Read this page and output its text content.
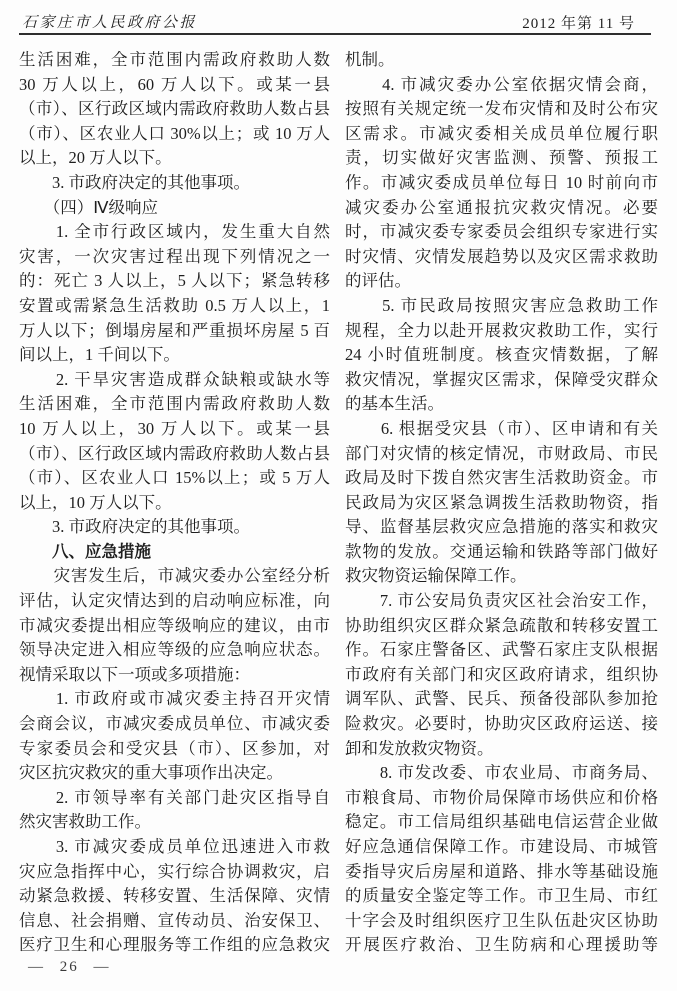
石家庄市人民政府公报	2012 年第 11 号
生活困难，全市范围内需政府救助人数
30 万人以上，60 万人以下。或某一县
（市）、区行政区域内需政府救助人数占县
（市）、区农业人口 30%以上；或 10 万人
以上，20 万人以下。
　　3. 市政府决定的其他事项。
　　（四）Ⅳ级响应
　　1. 全市行政区域内，发生重大自然
灾害，一次灾害过程出现下列情况之一
的：死亡 3 人以上，5 人以下；紧急转移
安置或需紧急生活救助 0.5 万人以上，1
万人以下；倒塌房屋和严重损坏房屋 5 百
间以上，1 千间以下。
　　2. 干旱灾害造成群众缺粮或缺水等
生活困难，全市范围内需政府救助人数
10 万人以上，30 万人以下。或某一县
（市）、区行政区域内需政府救助人数占县
（市）、区农业人口 15%以上；或 5 万人
以上，10 万人以下。
　　3. 市政府决定的其他事项。
　　八、应急措施
　　灾害发生后，市减灾委办公室经分析
评估，认定灾情达到的启动响应标准，向
市减灾委提出相应等级响应的建议，由市
领导决定进入相应等级的应急响应状态。
视情采取以下一项或多项措施：
　　1. 市政府或市减灾委主持召开灾情
会商会议，市减灾委成员单位、市减灾委
专家委员会和受灾县（市）、区参加，对
灾区抗灾救灾的重大事项作出决定。
　　2. 市领导率有关部门赴灾区指导自
然灾害救助工作。
　　3. 市减灾委成员单位迅速进入市救
灾应急指挥中心，实行综合协调救灾，启
动紧急救援、转移安置、生活保障、灾情
信息、社会捐赠、宣传动员、治安保卫、
医疗卫生和心理服务等工作组的应急救灾
机制。
　　4. 市减灾委办公室依据灾情会商，
按照有关规定统一发布灾情和及时公布灾
区需求。市减灾委相关成员单位履行职
责，切实做好灾害监测、预警、预报工
作。市减灾委成员单位每日 10 时前向市
减灾委办公室通报抗灾救灾情况。必要
时，市减灾委专家委员会组织专家进行实
时灾情、灾情发展趋势以及灾区需求救助
的评估。
　　5. 市民政局按照灾害应急救助工作
规程，全力以赴开展救灾救助工作，实行
24 小时值班制度。核查灾情数据，了解
救灾情况，掌握灾区需求，保障受灾群众
的基本生活。
　　6. 根据受灾县（市）、区申请和有关
部门对灾情的核定情况，市财政局、市民
政局及时下拨自然灾害生活救助资金。市
民政局为灾区紧急调拨生活救助物资，指
导、监督基层救灾应急措施的落实和救灾
款物的发放。交通运输和铁路等部门做好
救灾物资运输保障工作。
　　7. 市公安局负责灾区社会治安工作，
协助组织灾区群众紧急疏散和转移安置工
作。石家庄警备区、武警石家庄支队根据
市政府有关部门和灾区政府请求，组织协
调军队、武警、民兵、预备役部队参加抢
险救灾。必要时，协助灾区政府运送、接
卸和发放救灾物资。
　　8. 市发改委、市农业局、市商务局、
市粮食局、市物价局保障市场供应和价格
稳定。市工信局组织基础电信运营企业做
好应急通信保障工作。市建设局、市城管
委指导灾后房屋和道路、排水等基础设施
的质量安全鉴定等工作。市卫生局、市红
十字会及时组织医疗卫生队伍赴灾区协助
开展医疗救治、卫生防病和心理援助等
— 26 —
